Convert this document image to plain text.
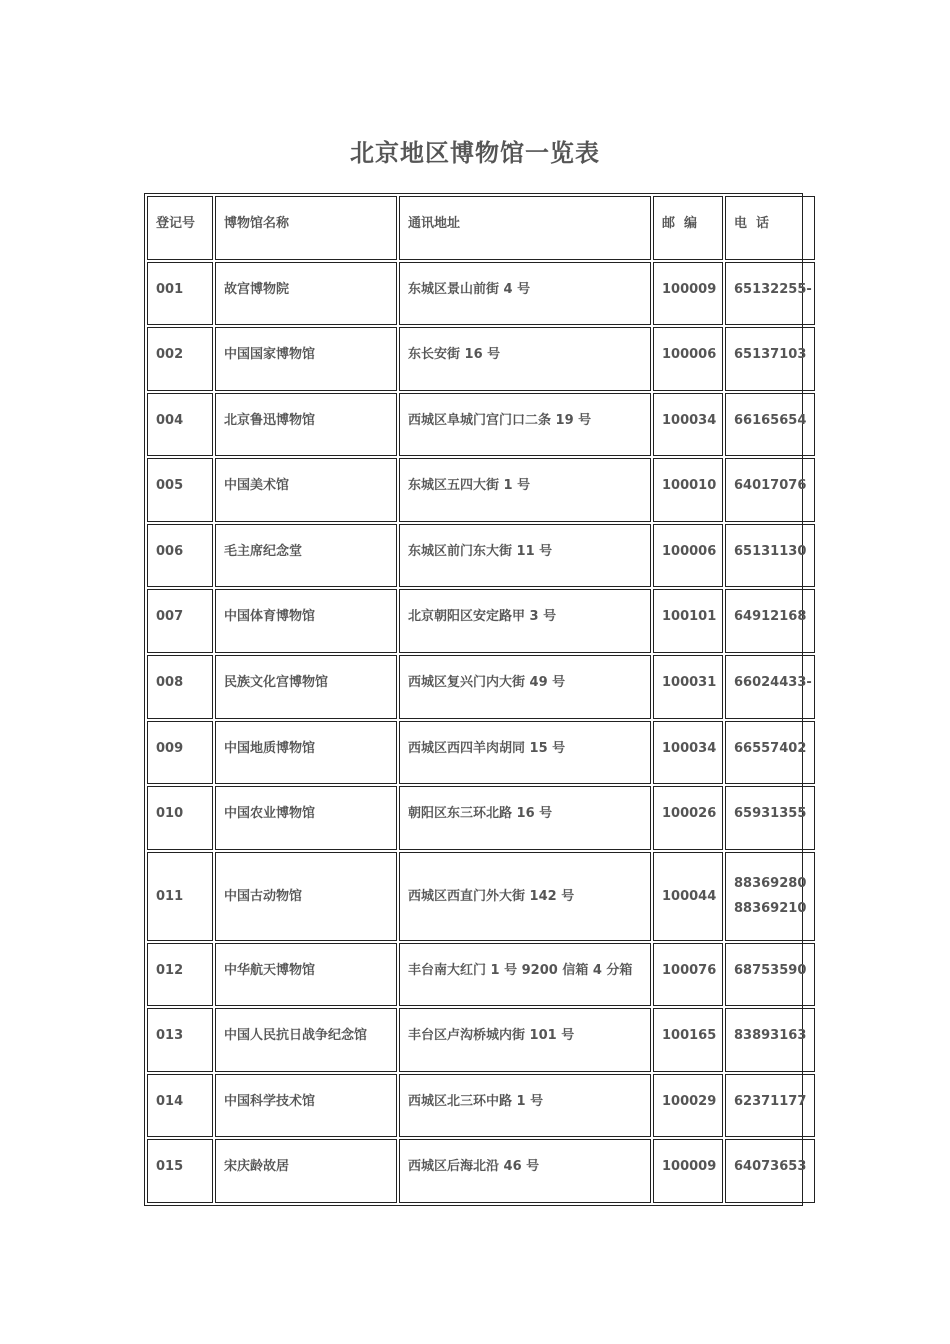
北京地区博物馆一览表
登记号	博物馆名称	通讯地址	邮  编	电  话
001	故宫博物院	东城区景山前街 4 号	100009	65132255-

002	中国国家博物馆	东长安街 16 号	100006	65137103

004	北京鲁迅博物馆	西城区阜城门宫门口二条 19 号	100034	66165654

005	中国美术馆	东城区五四大街 1 号	100010	64017076

006	毛主席纪念堂	东城区前门东大街 11 号	100006	65131130

007	中国体育博物馆	北京朝阳区安定路甲 3 号	100101	64912168

008	民族文化宫博物馆	西城区复兴门内大街 49 号	100031	66024433-

009	中国地质博物馆	西城区西四羊肉胡同 15 号	100034	66557402

010	中国农业博物馆	朝阳区东三环北路 16 号	100026	65931355

011	中国古动物馆	西城区西直门外大街 142 号	100044	88369280
88369210

012	中华航天博物馆	丰台南大红门 1 号 9200 信箱 4 分箱	100076	68753590

013	中国人民抗日战争纪念馆	丰台区卢沟桥城内街 101 号	100165	83893163

014	中国科学技术馆	西城区北三环中路 1 号	100029	62371177

015	宋庆龄故居	西城区后海北沿 46 号	100009	64073653
